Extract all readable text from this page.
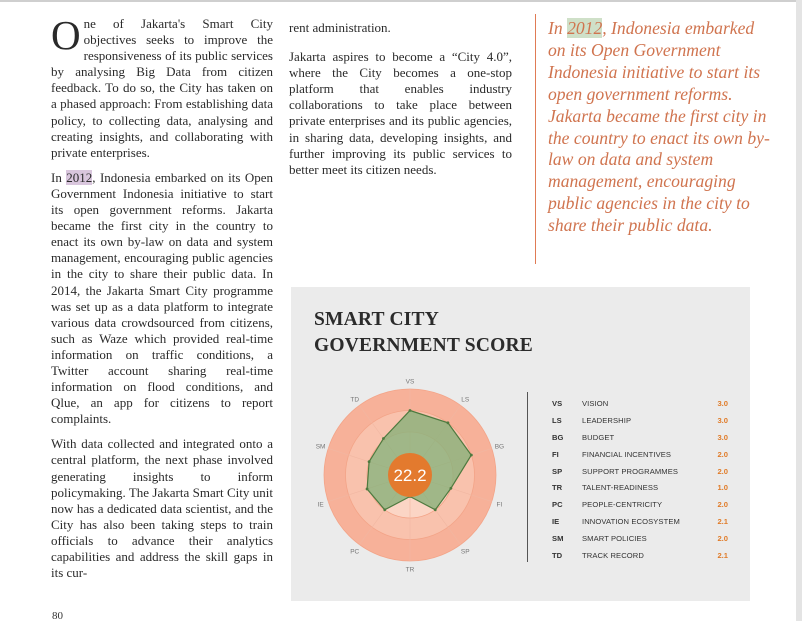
One of Jakarta's Smart City objectives seeks to improve the responsiveness of its public services by analysing Big Data from citizen feedback. To do so, the City has taken on a phased approach: From establishing data policy, to collecting data, analysing and creating insights, and collaborating with private enterprises.

In 2012, Indonesia embarked on its Open Government Indonesia initiative to start its open government reforms. Jakarta became the first city in the country to enact its own by-law on data and system management, encouraging public agencies in the city to share their public data. In 2014, the Jakarta Smart City programme was set up as a data platform to integrate various data crowdsourced from citizens, such as Waze which provided real-time information on traffic conditions, a Twitter account sharing real-time information on flood conditions, and Qlue, an app for citizens to report complaints.

With data collected and integrated onto a central platform, the next phase involved generating insights to inform policymaking. The Jakarta Smart City unit now has a dedicated data scientist, and the City has also been taking steps to train officials to advance their analytics capabilities and address the skill gaps in its cur-

rent administration.

Jakarta aspires to become a “City 4.0”, where the City becomes a one-stop platform that enables industry collaborations to take place between private enterprises and its public agencies, in sharing data, developing insights, and further improving its public services to better meet its citizen needs.

In 2012, Indonesia embarked on its Open Government Indonesia initiative to start its open government reforms. Jakarta became the first city in the country to enact its own by-law on data and system management, encouraging public agencies in the city to share their public data.

SMART CITY GOVERNMENT SCORE
VS
LS
BG
FI
SP
TR
PC
IE
SM
TD
22.2
VS	VISION	3.0
LS	LEADERSHIP	3.0
BG	BUDGET	3.0
FI	FINANCIAL INCENTIVES	2.0
SP	SUPPORT PROGRAMMES	2.0
TR	TALENT-READINESS	1.0
PC	PEOPLE-CENTRICITY	2.0
IE	INNOVATION ECOSYSTEM	2.1
SM	SMART POLICIES	2.0
TD	TRACK RECORD	2.1
80
